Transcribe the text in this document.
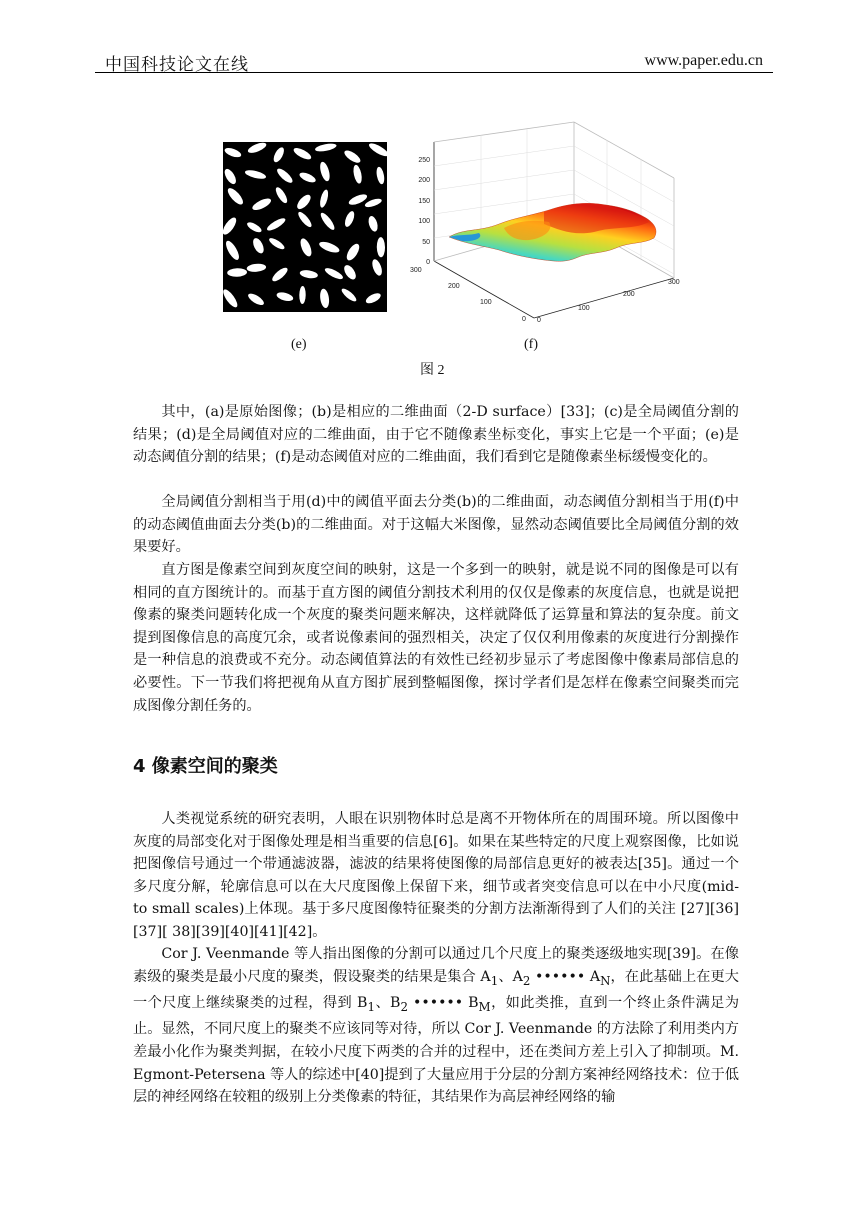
中国科技论文在线	www.paper.edu.cn
250
200
150
100
50
0
300
200
100
0 0
100
200
300
(e)	(f)
图 2
其中，(a)是原始图像；(b)是相应的二维曲面（2-D surface）[33]；(c)是全局阈值分割的结果；(d)是全局阈值对应的二维曲面，由于它不随像素坐标变化，事实上它是一个平面；(e)是动态阈值分割的结果；(f)是动态阈值对应的二维曲面，我们看到它是随像素坐标缓慢变化的。
全局阈值分割相当于用(d)中的阈值平面去分类(b)的二维曲面，动态阈值分割相当于用(f)中的动态阈值曲面去分类(b)的二维曲面。对于这幅大米图像，显然动态阈值要比全局阈值分割的效果要好。
直方图是像素空间到灰度空间的映射，这是一个多到一的映射，就是说不同的图像是可以有相同的直方图统计的。而基于直方图的阈值分割技术利用的仅仅是像素的灰度信息，也就是说把像素的聚类问题转化成一个灰度的聚类问题来解决，这样就降低了运算量和算法的复杂度。前文提到图像信息的高度冗余，或者说像素间的强烈相关，决定了仅仅利用像素的灰度进行分割操作是一种信息的浪费或不充分。动态阈值算法的有效性已经初步显示了考虑图像中像素局部信息的必要性。下一节我们将把视角从直方图扩展到整幅图像，探讨学者们是怎样在像素空间聚类而完成图像分割任务的。
4 像素空间的聚类
人类视觉系统的研究表明，人眼在识别物体时总是离不开物体所在的周围环境。所以图像中灰度的局部变化对于图像处理是相当重要的信息[6]。如果在某些特定的尺度上观察图像，比如说把图像信号通过一个带通滤波器，滤波的结果将使图像的局部信息更好的被表达[35]。通过一个多尺度分解，轮廓信息可以在大尺度图像上保留下来，细节或者突变信息可以在中小尺度(mid- to small scales)上体现。基于多尺度图像特征聚类的分割方法渐渐得到了人们的关注 [27][36][37][ 38][39][40][41][42]。
Cor J. Veenmande 等人指出图像的分割可以通过几个尺度上的聚类逐级地实现[39]。在像素级的聚类是最小尺度的聚类，假设聚类的结果是集合 $A_1$、$A_2$ •••••• $A_N$，在此基础上在更大一个尺度上继续聚类的过程，得到 $B_1$、$B_2$ •••••• $B_M$，如此类推，直到一个终止条件满足为止。显然，不同尺度上的聚类不应该同等对待，所以 Cor J. Veenmande 的方法除了利用类内方差最小化作为聚类判据，在较小尺度下两类的合并的过程中，还在类间方差上引入了抑制项。M. Egmont-Petersena 等人的综述中[40]提到了大量应用于分层的分割方案神经网络技术：位于低层的神经网络在较粗的级别上分类像素的特征，其结果作为高层神经网络的输
